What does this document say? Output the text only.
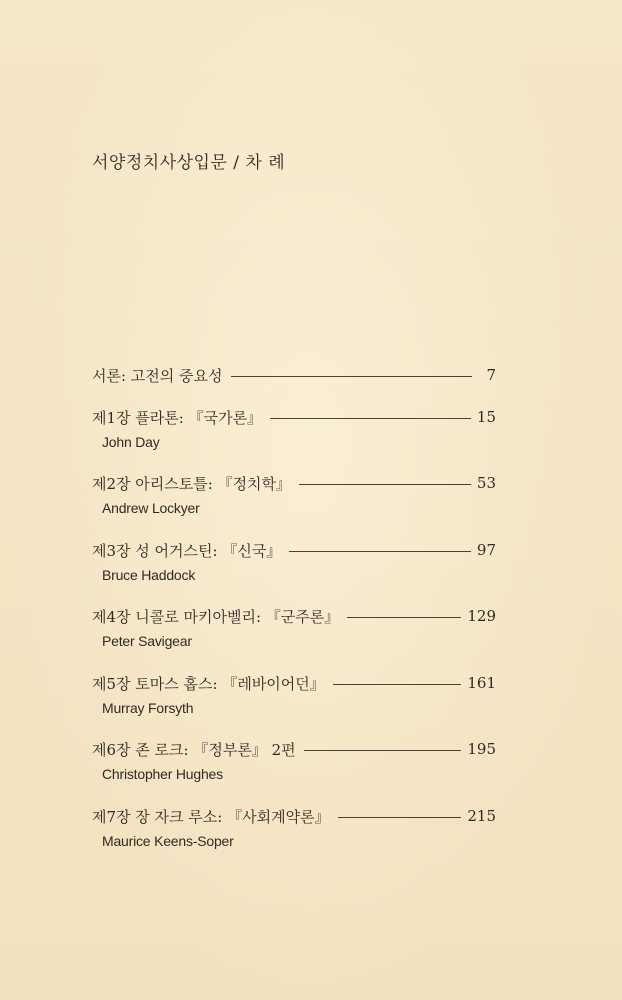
서양정치사상입문 / 차 례
서론: 고전의 중요성	7
제1장 플라톤: 『국가론』	15
John Day
제2장 아리스토틀: 『정치학』	53
Andrew Lockyer
제3장 성 어거스틴: 『신국』	97
Bruce Haddock
제4장 니콜로 마키아벨리: 『군주론』	129
Peter Savigear
제5장 토마스 홉스: 『레바이어던』	161
Murray Forsyth
제6장 존 로크: 『정부론』 2편	195
Christopher Hughes
제7장 장 자크 루소: 『사회계약론』	215
Maurice Keens-Soper
